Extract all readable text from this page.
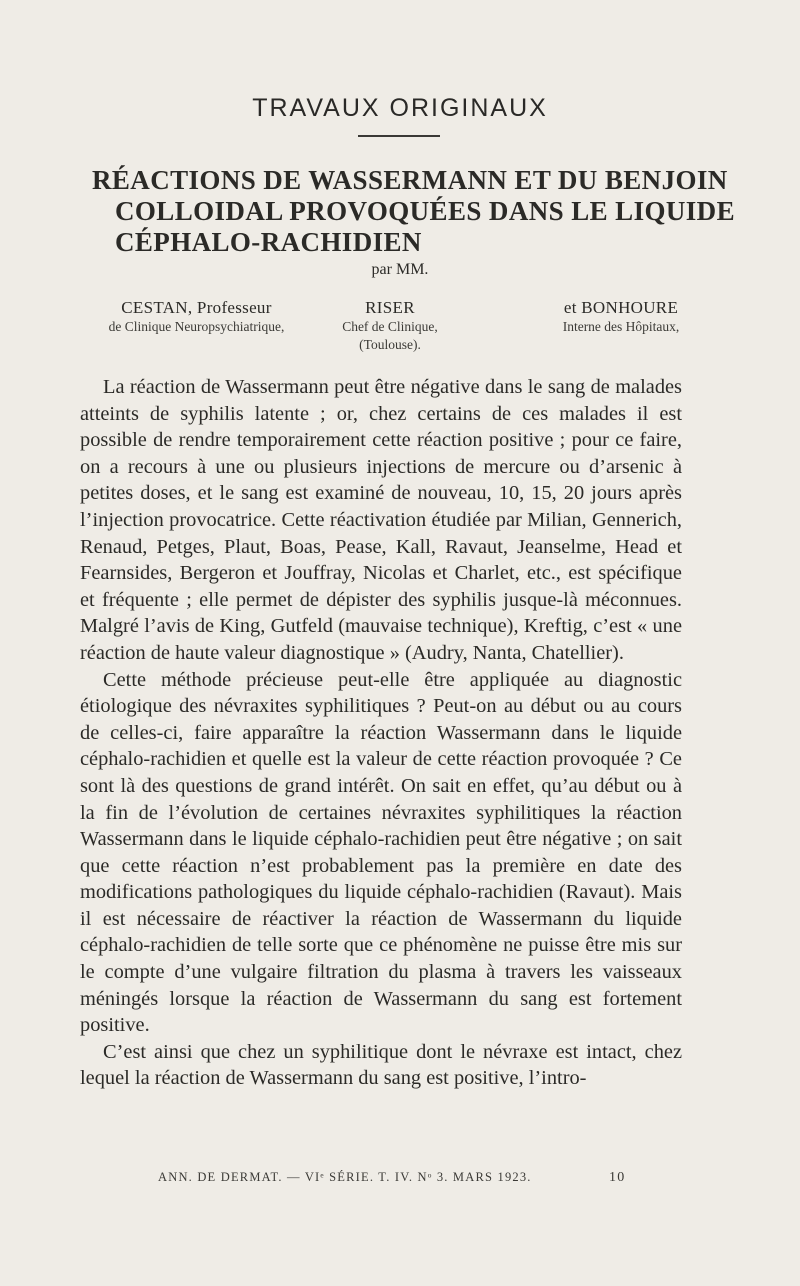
TRAVAUX ORIGINAUX
RÉACTIONS DE WASSERMANN ET DU BENJOIN
COLLOIDAL PROVOQUÉES DANS LE LIQUIDE
CÉPHALO-RACHIDIEN
par MM.
CESTAN, Professeur
de Clinique Neuropsychiatrique,
RISER
Chef de Clinique,
(Toulouse).
et BONHOURE
Interne des Hôpitaux,

La réaction de Wassermann peut être négative dans le sang de malades atteints de syphilis latente ; or, chez certains de ces malades il est possible de rendre temporairement cette réaction positive ; pour ce faire, on a recours à une ou plusieurs injections de mercure ou d’arsenic à petites doses, et le sang est examiné de nouveau, 10, 15, 20 jours après l’injection provocatrice. Cette réactivation étudiée par Milian, Gennerich, Renaud, Petges, Plaut, Boas, Pease, Kall, Ravaut, Jeanselme, Head et Fearnsides, Bergeron et Jouffray, Nicolas et Charlet, etc., est spécifique et fréquente ; elle permet de dépister des syphilis jusque-là méconnues. Malgré l’avis de King, Gutfeld (mauvaise technique), Kreftig, c’est « une réaction de haute valeur diagnostique » (Audry, Nanta, Chatellier).

Cette méthode précieuse peut-elle être appliquée au diagnostic étiologique des névraxites syphilitiques ? Peut-on au début ou au cours de celles-ci, faire apparaître la réaction Wassermann dans le liquide céphalo-rachidien et quelle est la valeur de cette réaction provoquée ? Ce sont là des questions de grand intérêt. On sait en effet, qu’au début ou à la fin de l’évolution de certaines névraxites syphilitiques la réaction Wassermann dans le liquide céphalo-rachidien peut être négative ; on sait que cette réaction n’est probablement pas la première en date des modifications pathologiques du liquide céphalo-rachidien (Ravaut). Mais il est nécessaire de réactiver la réaction de Wassermann du liquide céphalo-rachidien de telle sorte que ce phénomène ne puisse être mis sur le compte d’une vulgaire filtration du plasma à travers les vaisseaux méningés lorsque la réaction de Wassermann du sang est fortement positive.

C’est ainsi que chez un syphilitique dont le névraxe est intact, chez lequel la réaction de Wassermann du sang est positive, l’intro-

ANN. DE DERMAT. — VIᵉ SÉRIE. T. IV. Nᵒ 3. MARS 1923.	10
